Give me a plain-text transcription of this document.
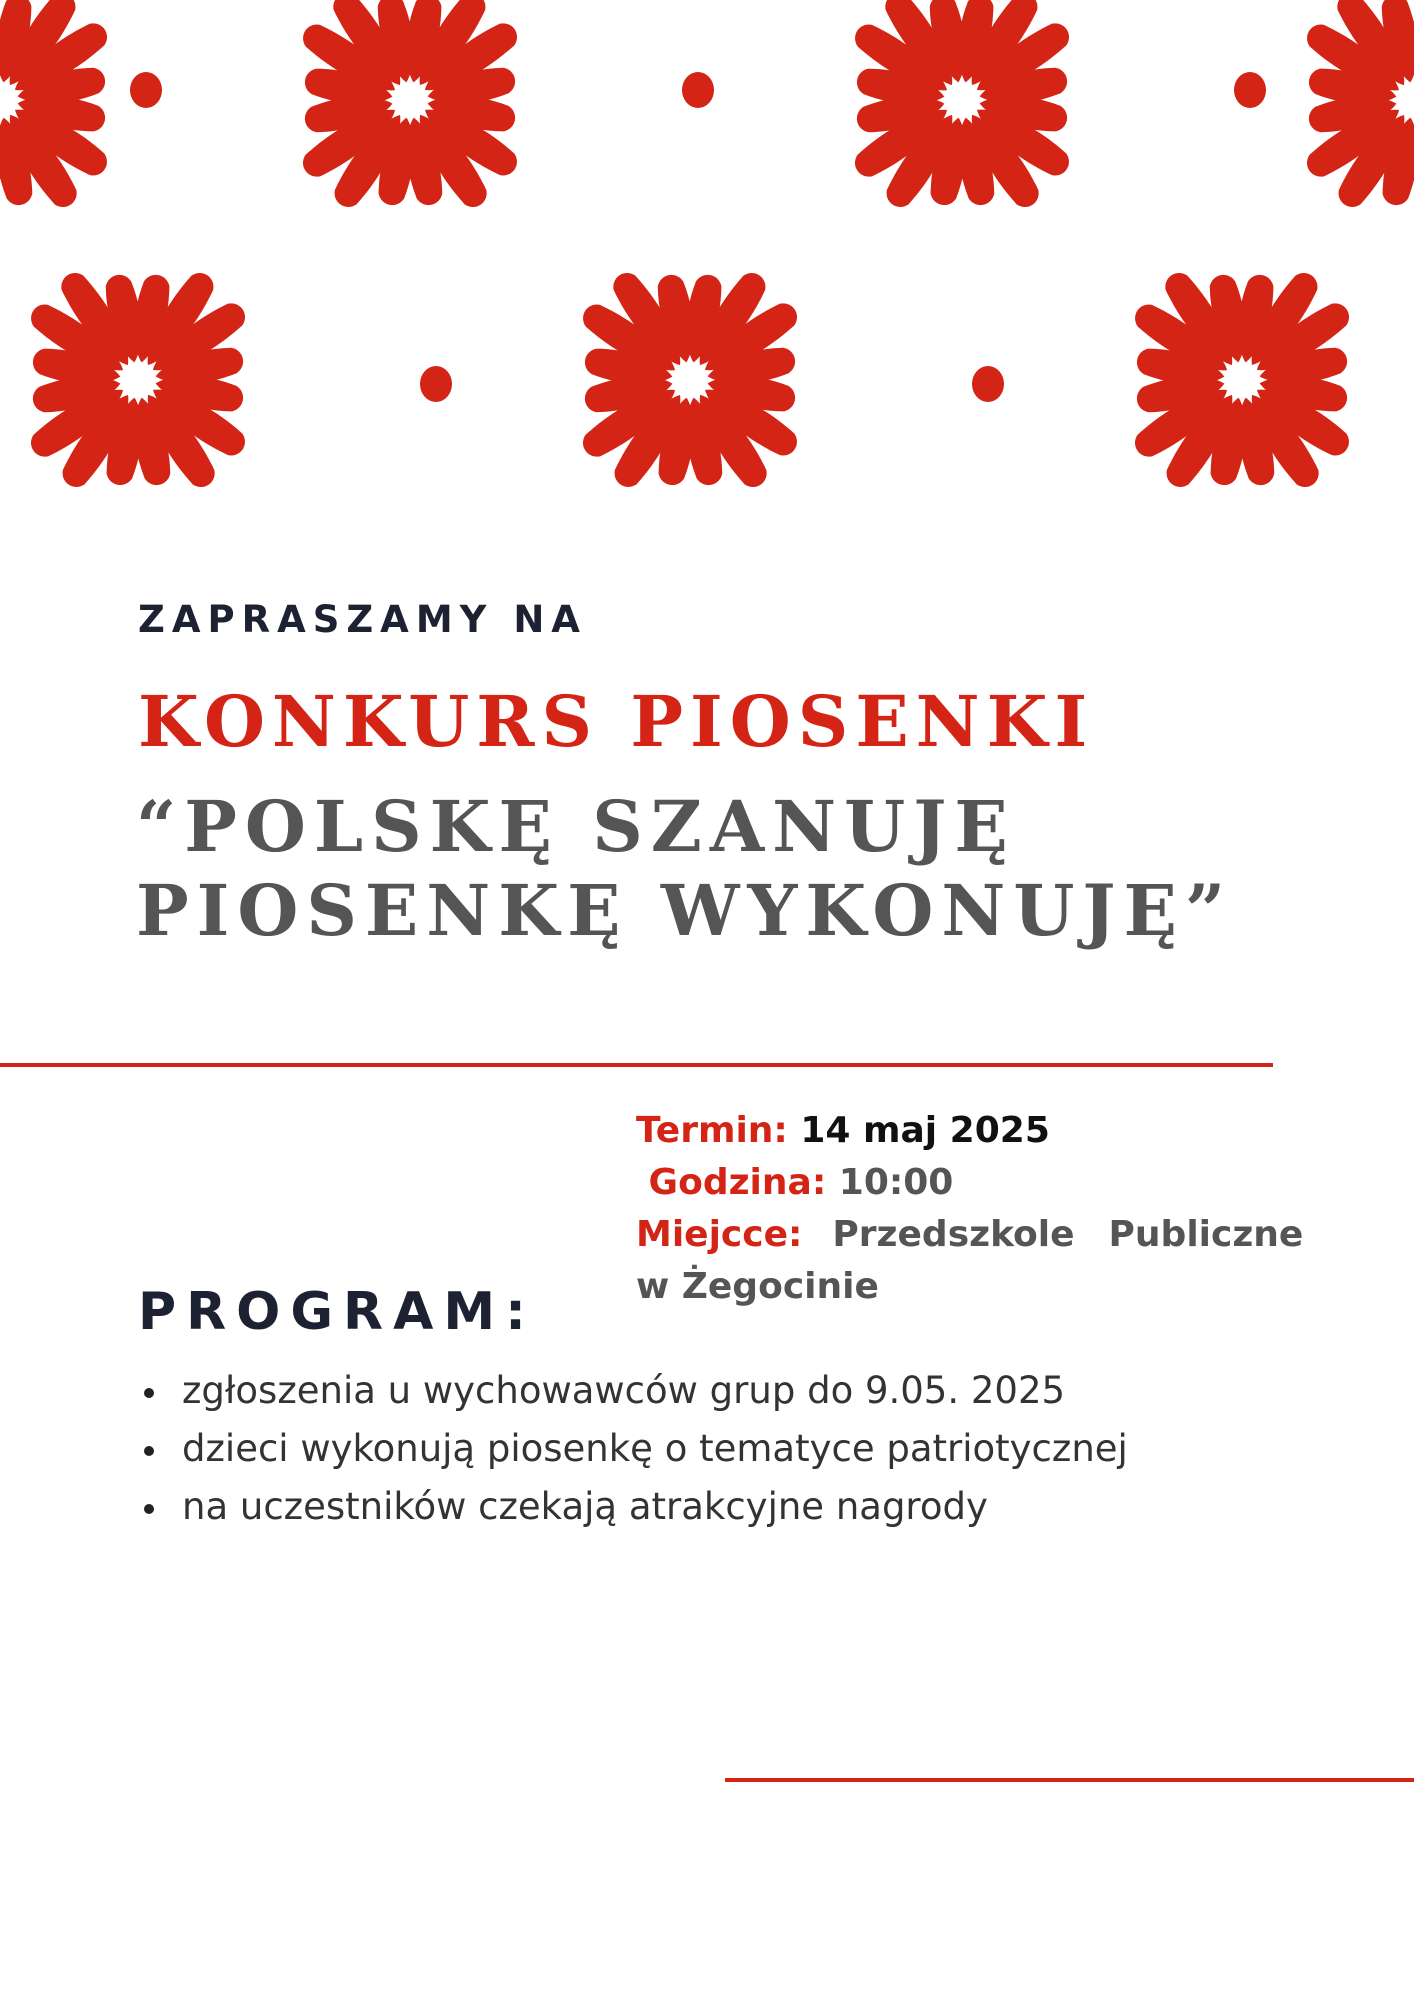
ZAPRASZAMY NA
KONKURS PIOSENKI
“POLSKĘ SZANUJĘ
PIOSENKĘ WYKONUJĘ”
Termin: 14 maj 2025
Godzina: 10:00
Miejcce: Przedszkole Publiczne
w Żegocinie
PROGRAM:
zgłoszenia u wychowawców grup do 9.05. 2025
dzieci wykonują piosenkę o tematyce patriotycznej
na uczestników czekają atrakcyjne nagrody
